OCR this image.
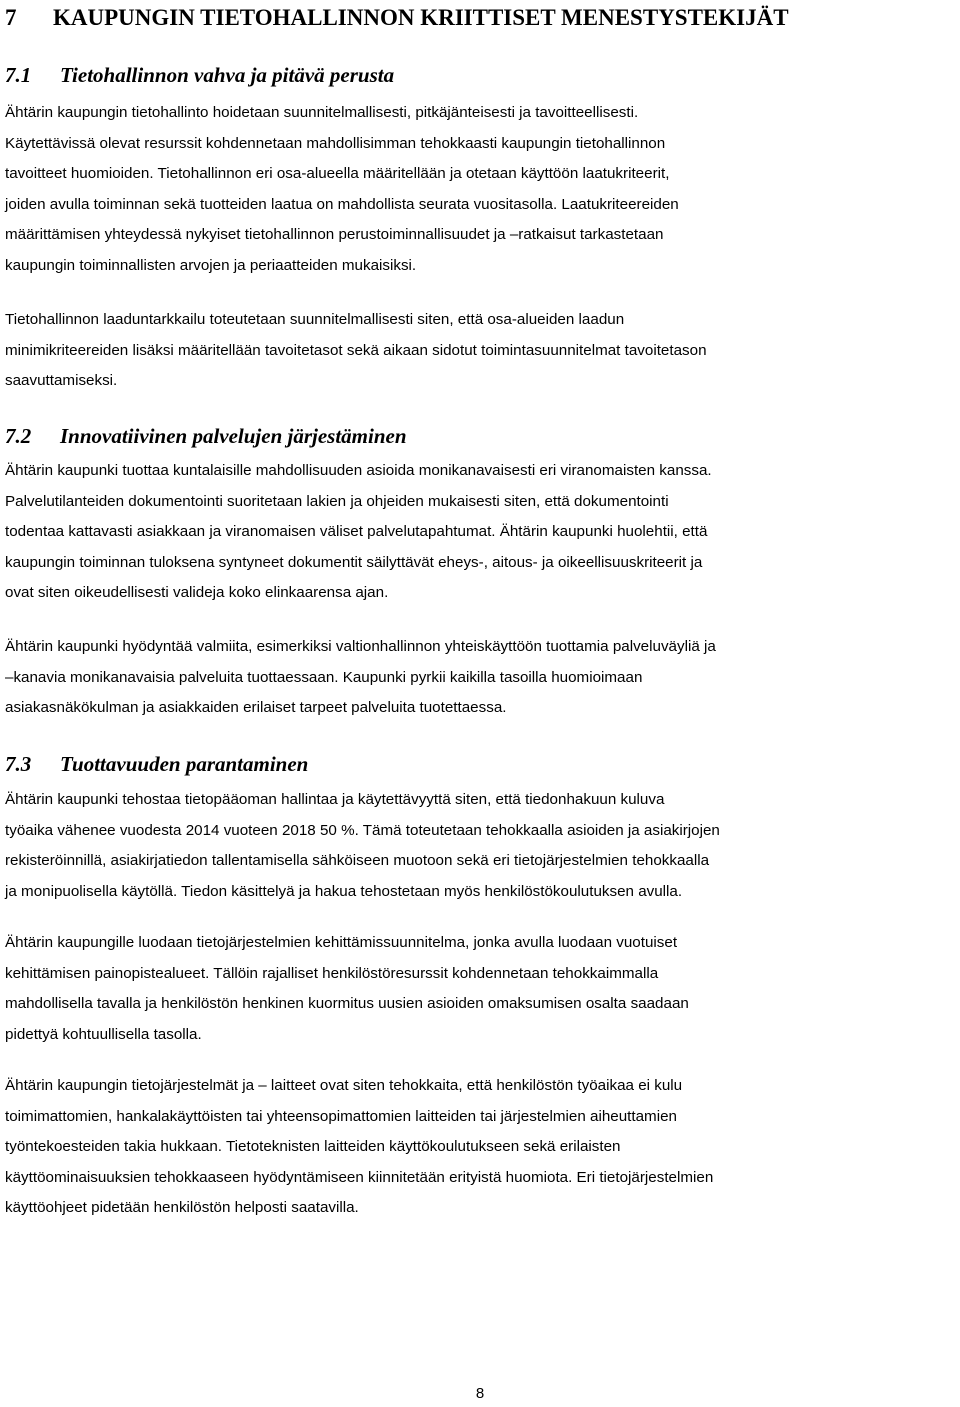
7 KAUPUNGIN TIETOHALLINNON KRIITTISET MENESTYSTEKIJÄT
7.1 Tietohallinnon vahva ja pitävä perusta
Ähtärin kaupungin tietohallinto hoidetaan suunnitelmallisesti, pitkäjänteisesti ja tavoitteellisesti.
Käytettävissä olevat resurssit kohdennetaan mahdollisimman tehokkaasti kaupungin tietohallinnon
tavoitteet huomioiden. Tietohallinnon eri osa-alueella määritellään ja otetaan käyttöön laatukriteerit,
joiden avulla toiminnan sekä tuotteiden laatua on mahdollista seurata vuositasolla. Laatukriteereiden
määrittämisen yhteydessä nykyiset tietohallinnon perustoiminnallisuudet ja –ratkaisut tarkastetaan
kaupungin toiminnallisten arvojen ja periaatteiden mukaisiksi.
Tietohallinnon laaduntarkkailu toteutetaan suunnitelmallisesti siten, että osa-alueiden laadun
minimikriteereiden lisäksi määritellään tavoitetasot sekä aikaan sidotut toimintasuunnitelmat tavoitetason
saavuttamiseksi.
7.2 Innovatiivinen palvelujen järjestäminen
Ähtärin kaupunki tuottaa kuntalaisille mahdollisuuden asioida monikanavaisesti eri viranomaisten kanssa.
Palvelutilanteiden dokumentointi suoritetaan lakien ja ohjeiden mukaisesti siten, että dokumentointi
todentaa kattavasti asiakkaan ja viranomaisen väliset palvelutapahtumat. Ähtärin kaupunki huolehtii, että
kaupungin toiminnan tuloksena syntyneet dokumentit säilyttävät eheys-, aitous- ja oikeellisuuskriteerit ja
ovat siten oikeudellisesti valideja koko elinkaarensa ajan.
Ähtärin kaupunki hyödyntää valmiita, esimerkiksi valtionhallinnon yhteiskäyttöön tuottamia palveluväyliä ja
–kanavia monikanavaisia palveluita tuottaessaan. Kaupunki pyrkii kaikilla tasoilla huomioimaan
asiakasnäkökulman ja asiakkaiden erilaiset tarpeet palveluita tuotettaessa.
7.3 Tuottavuuden parantaminen
Ähtärin kaupunki tehostaa tietopääoman hallintaa ja käytettävyyttä siten, että tiedonhakuun kuluva
työaika vähenee vuodesta 2014 vuoteen 2018 50 %. Tämä toteutetaan tehokkaalla asioiden ja asiakirjojen
rekisteröinnillä, asiakirjatiedon tallentamisella sähköiseen muotoon sekä eri tietojärjestelmien tehokkaalla
ja monipuolisella käytöllä. Tiedon käsittelyä ja hakua tehostetaan myös henkilöstökoulutuksen avulla.
Ähtärin kaupungille luodaan tietojärjestelmien kehittämissuunnitelma, jonka avulla luodaan vuotuiset
kehittämisen painopistealueet. Tällöin rajalliset henkilöstöresurssit kohdennetaan tehokkaimmalla
mahdollisella tavalla ja henkilöstön henkinen kuormitus uusien asioiden omaksumisen osalta saadaan
pidettyä kohtuullisella tasolla.
Ähtärin kaupungin tietojärjestelmät ja – laitteet ovat siten tehokkaita, että henkilöstön työaikaa ei kulu
toimimattomien, hankalakäyttöisten tai yhteensopimattomien laitteiden tai järjestelmien aiheuttamien
työntekoesteiden takia hukkaan. Tietoteknisten laitteiden käyttökoulutukseen sekä erilaisten
käyttöominaisuuksien tehokkaaseen hyödyntämiseen kiinnitetään erityistä huomiota. Eri tietojärjestelmien
käyttöohjeet pidetään henkilöstön helposti saatavilla.
8
